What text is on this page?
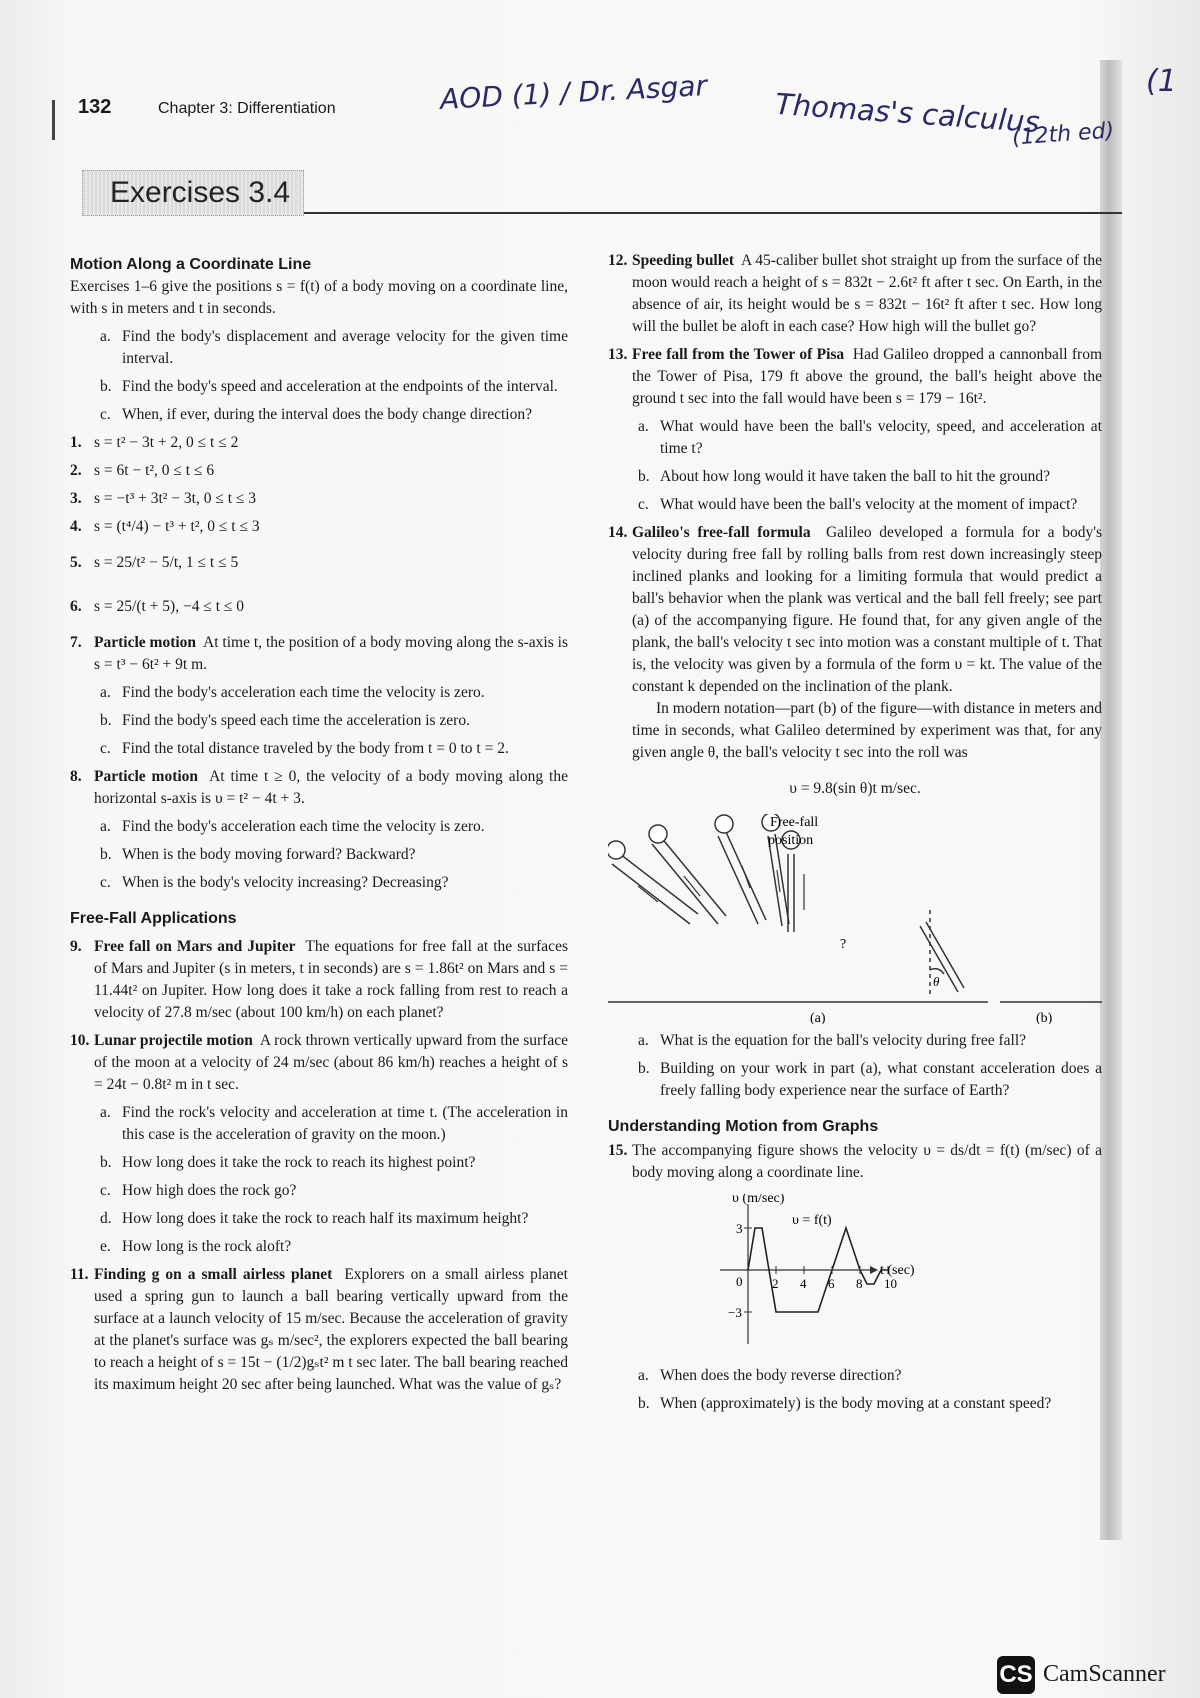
132	Chapter 3: Differentiation	AOD (1) / Dr. Asgar Thomas's calculus
(12th ed)
(1
Exercises 3.4
Motion Along a Coordinate Line
Exercises 1–6 give the positions s = f(t) of a body moving on a coordinate line, with s in meters and t in seconds.
a. Find the body's displacement and average velocity for the given time interval.
b. Find the body's speed and acceleration at the endpoints of the interval.
c. When, if ever, during the interval does the body change direction?
1. s = t² − 3t + 2, 0 ≤ t ≤ 2
2. s = 6t − t², 0 ≤ t ≤ 6
3. s = −t³ + 3t² − 3t, 0 ≤ t ≤ 3
4. s = (t⁴/4) − t³ + t², 0 ≤ t ≤ 3
5. s = 25/t² − 5/t, 1 ≤ t ≤ 5
6. s = 25/(t + 5), −4 ≤ t ≤ 0
7. Particle motion At time t, the position of a body moving along the s-axis is s = t³ − 6t² + 9t m.
a. Find the body's acceleration each time the velocity is zero.
b. Find the body's speed each time the acceleration is zero.
c. Find the total distance traveled by the body from t = 0 to t = 2.
8. Particle motion At time t ≥ 0, the velocity of a body moving along the horizontal s-axis is υ = t² − 4t + 3.
a. Find the body's acceleration each time the velocity is zero.
b. When is the body moving forward? Backward?
c. When is the body's velocity increasing? Decreasing?
Free-Fall Applications
9. Free fall on Mars and Jupiter The equations for free fall at the surfaces of Mars and Jupiter (s in meters, t in seconds) are s = 1.86t² on Mars and s = 11.44t² on Jupiter. How long does it take a rock falling from rest to reach a velocity of 27.8 m/sec (about 100 km/h) on each planet?
10. Lunar projectile motion A rock thrown vertically upward from the surface of the moon at a velocity of 24 m/sec (about 86 km/h) reaches a height of s = 24t − 0.8t² m in t sec.
a. Find the rock's velocity and acceleration at time t. (The acceleration in this case is the acceleration of gravity on the moon.)
b. How long does it take the rock to reach its highest point?
c. How high does the rock go?
d. How long does it take the rock to reach half its maximum height?
e. How long is the rock aloft?
11. Finding g on a small airless planet Explorers on a small airless planet used a spring gun to launch a ball bearing vertically upward from the surface at a launch velocity of 15 m/sec. Because the acceleration of gravity at the planet's surface was gₛ m/sec², the explorers expected the ball bearing to reach a height of s = 15t − (1/2)gₛt² m t sec later. The ball bearing reached its maximum height 20 sec after being launched. What was the value of gₛ?
12. Speeding bullet A 45-caliber bullet shot straight up from the surface of the moon would reach a height of s = 832t − 2.6t² ft after t sec. On Earth, in the absence of air, its height would be s = 832t − 16t² ft after t sec. How long will the bullet be aloft in each case? How high will the bullet go?
13. Free fall from the Tower of Pisa Had Galileo dropped a cannonball from the Tower of Pisa, 179 ft above the ground, the ball's height above the ground t sec into the fall would have been s = 179 − 16t².
a. What would have been the ball's velocity, speed, and acceleration at time t?
b. About how long would it have taken the ball to hit the ground?
c. What would have been the ball's velocity at the moment of impact?
14. Galileo's free-fall formula Galileo developed a formula for a body's velocity during free fall by rolling balls from rest down increasingly steep inclined planks and looking for a limiting formula that would predict a ball's behavior when the plank was vertical and the ball fell freely; see part (a) of the accompanying figure. He found that, for any given angle of the plank, the ball's velocity t sec into motion was a constant multiple of t. That is, the velocity was given by a formula of the form υ = kt. The value of the constant k depended on the inclination of the plank.
In modern notation—part (b) of the figure—with distance in meters and time in seconds, what Galileo determined by experiment was that, for any given angle θ, the ball's velocity t sec into the roll was
υ = 9.8(sin θ)t m/sec.
?
Free-fall
position
θ
(a)	(b)
a. What is the equation for the ball's velocity during free fall?
b. Building on your work in part (a), what constant acceleration does a freely falling body experience near the surface of Earth?
Understanding Motion from Graphs
15. The accompanying figure shows the velocity υ = ds/dt = f(t) (m/sec) of a body moving along a coordinate line.
2 4 6 8 10
3
0
−3
υ (m/sec)
υ = f(t)
t (sec)
a. When does the body reverse direction?
b. When (approximately) is the body moving at a constant speed?
CS CamScanner
